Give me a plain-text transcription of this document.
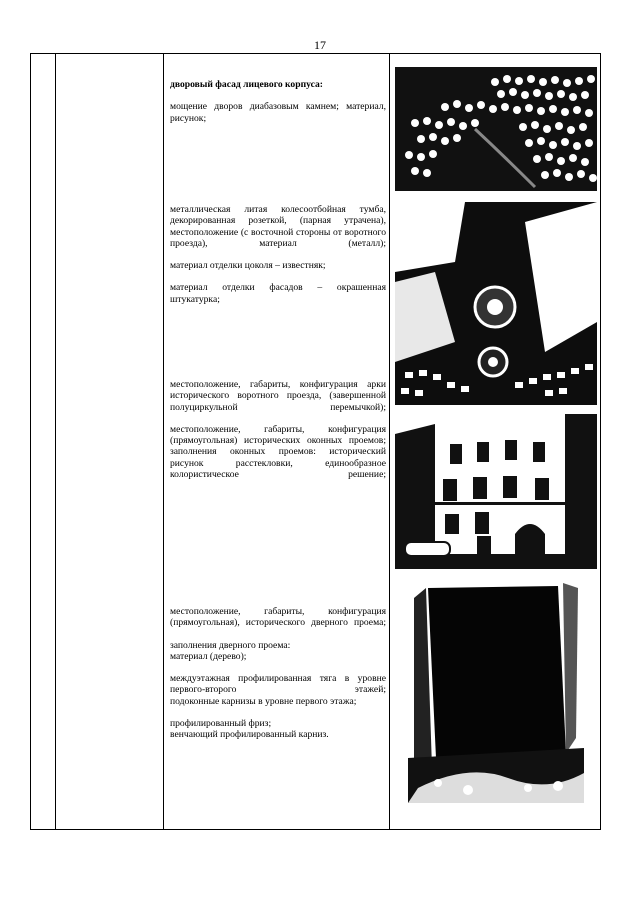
17

дворовый фасад лицевого корпуса:

мощение дворов диабазовым камнем; материал, рисунок;

металлическая литая колесоотбойная тумба, декорированная розеткой, (парная утрачена), местоположение (с восточной стороны от воротного проезда), материал (металл);

материал отделки цоколя – известняк;

материал отделки фасадов – окрашенная штукатурка;

местоположение, габариты, конфигурация арки исторического воротного проезда, (завершенной полуциркульной перемычкой);

местоположение, габариты, конфигурация (прямоугольная) исторических оконных проемов;

заполнения оконных проемов: исторический рисунок расстекловки, единообразное колористическое решение;

местоположение, габариты, конфигурация (прямоугольная), исторического дверного проема;

заполнения дверного проема:

материал (дерево);

междуэтажная профилированная тяга в уровне первого-второго этажей;

подоконные карнизы в уровне первого этажа;

профилированный фриз;

венчающий профилированный карниз.
